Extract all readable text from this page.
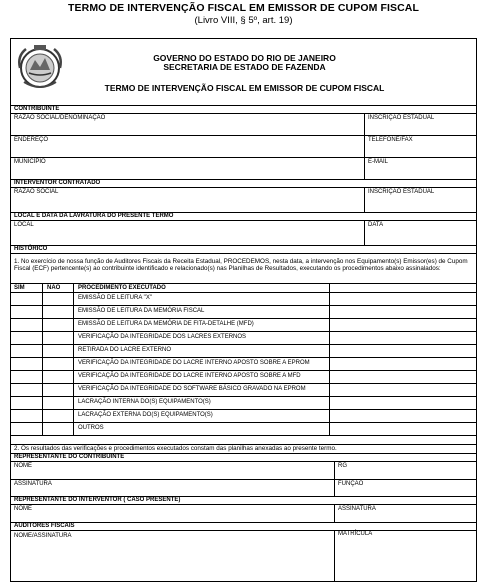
TERMO DE INTERVENÇÃO FISCAL EM EMISSOR DE CUPOM FISCAL
(Livro VIII, § 5º, art. 19)
GOVERNO DO ESTADO DO RIO DE JANEIRO
SECRETARIA DE ESTADO DE FAZENDA
TERMO DE INTERVENÇÃO FISCAL EM EMISSOR DE CUPOM FISCAL
CONTRIBUINTE
RAZÃO SOCIAL/DENOMINAÇÃO	INSCRIÇÃO ESTADUAL
ENDEREÇO	TELEFONE/FAX
MUNICÍPIO	E-MAIL
INTERVENTOR CONTRATADO
RAZÃO SOCIAL	INSCRIÇÃO ESTADUAL
LOCAL E DATA DA LAVRATURA DO PRESENTE TERMO
LOCAL	DATA
HISTÓRICO
1. No exercício de nossa função de Auditores Fiscais da Receita Estadual, PROCEDEMOS, nesta data, a intervenção nos Equipamento(s) Emissor(es) de Cupom Fiscal (ECF) pertencente(s) ao contribuinte identificado e relacionado(s) nas Planilhas de Resultados, executando os procedimentos abaixo assinalados:
SIM	NÃO	PROCEDIMENTO EXECUTADO
EMISSÃO DE LEITURA "X"
EMISSÃO DE LEITURA DA MEMÓRIA FISCAL
EMISSÃO DE LEITURA DA MEMÓRIA DE FITA-DETALHE (MFD)
VERIFICAÇÃO DA INTEGRIDADE DOS LACRES EXTERNOS
RETIRADA DO LACRE EXTERNO
VERIFICAÇÃO DA INTEGRIDADE DO LACRE INTERNO APOSTO SOBRE A EPROM
VERIFICAÇÃO DA INTEGRIDADE DO LACRE INTERNO APOSTO SOBRE A MFD
VERIFICAÇÃO DA INTEGRIDADE DO SOFTWARE BÁSICO GRAVADO NA EPROM
LACRAÇÃO INTERNA DO(S) EQUIPAMENTO(S)
LACRAÇÃO EXTERNA DO(S) EQUIPAMENTO(S)
OUTROS
2. Os resultados das verificações e procedimentos executados constam das planilhas anexadas ao presente termo.
REPRESENTANTE DO CONTRIBUINTE
NOME	RG
ASSINATURA	FUNÇÃO
REPRESENTANTE DO INTERVENTOR ( CASO PRESENTE)
NOME	ASSINATURA
AUDITORES FISCAIS
NOME/ASSINATURA	MATRÍCULA
